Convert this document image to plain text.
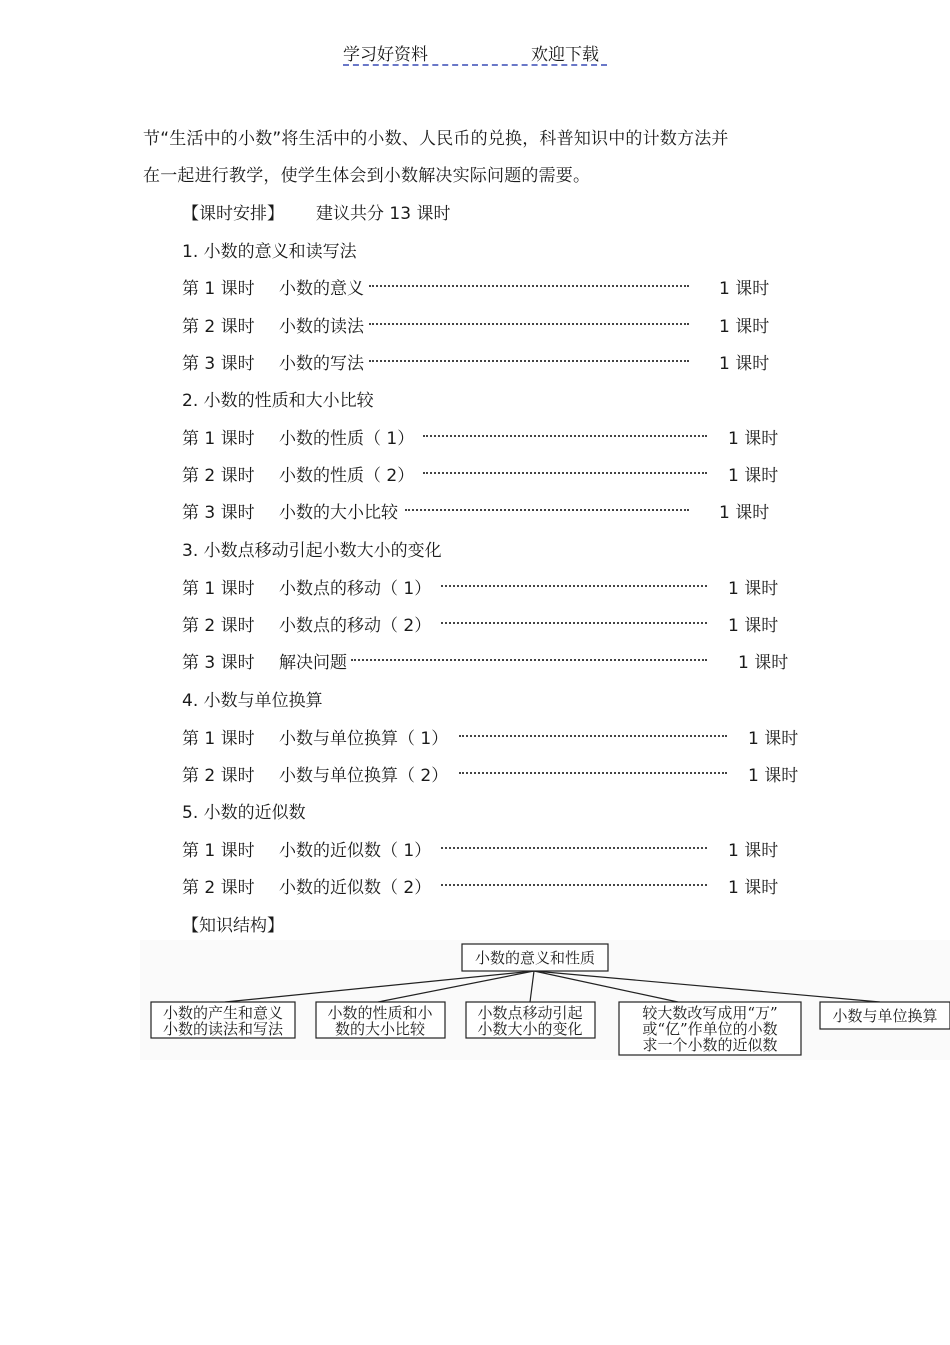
学习好资料	欢迎下载
节“生活中的小数”将生活中的小数、人民币的兑换，科普知识中的计数方法并
在一起进行教学，使学生体会到小数解决实际问题的需要。
【课时安排】 建议共分 13 课时
1. 小数的意义和读写法
第 1 课时 小数的意义	1 课时
第 2 课时 小数的读法	1 课时
第 3 课时 小数的写法	1 课时
2. 小数的性质和大小比较
第 1 课时 小数的性质（ 1）	1 课时
第 2 课时 小数的性质（ 2）	1 课时
第 3 课时 小数的大小比较	1 课时
3. 小数点移动引起小数大小的变化
第 1 课时 小数点的移动（ 1）	1 课时
第 2 课时 小数点的移动（ 2）	1 课时
第 3 课时 解决问题	1 课时
4. 小数与单位换算
第 1 课时 小数与单位换算（ 1）	1 课时
第 2 课时 小数与单位换算（ 2）	1 课时
5. 小数的近似数
第 1 课时 小数的近似数（ 1）	1 课时
第 2 课时 小数的近似数（ 2）	1 课时
【知识结构】
小数的意义和性质
小数的产生和意义
小数的读法和写法
小数的性质和小
数的大小比较
小数点移动引起
小数大小的变化
较大数改写成用“万”
或“亿”作单位的小数
求一个小数的近似数
小数与单位换算
